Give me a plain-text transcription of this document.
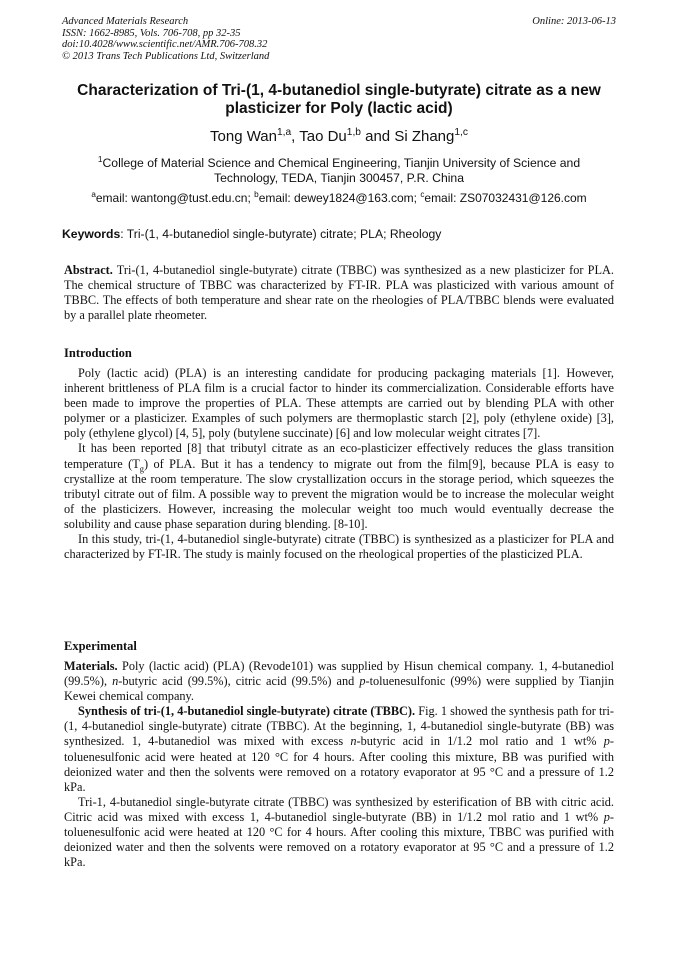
Advanced Materials Research
ISSN: 1662-8985, Vols. 706-708, pp 32-35
doi:10.4028/www.scientific.net/AMR.706-708.32
© 2013 Trans Tech Publications Ltd, Switzerland
Online: 2013-06-13
Characterization of Tri-(1, 4-butanediol single-butyrate) citrate as a new plasticizer for Poly (lactic acid)
Tong Wan$^{1,a}$, Tao Du$^{1,b}$ and Si Zhang$^{1,c}$
$^1$College of Material Science and Chemical Engineering, Tianjin University of Science and Technology, TEDA, Tianjin 300457, P.R. China
$^a$email: wantong@tust.edu.cn; $^b$email: dewey1824@163.com; $^c$email: ZS07032431@126.com
Keywords: Tri-(1, 4-butanediol single-butyrate) citrate; PLA; Rheology

Abstract. Tri-(1, 4-butanediol single-butyrate) citrate (TBBC) was synthesized as a new plasticizer for PLA. The chemical structure of TBBC was characterized by FT-IR. PLA was plasticized with various amount of TBBC. The effects of both temperature and shear rate on the rheologies of PLA/TBBC blends were evaluated by a parallel plate rheometer.

Introduction

Poly (lactic acid) (PLA) is an interesting candidate for producing packaging materials [1]. However, inherent brittleness of PLA film is a crucial factor to hinder its commercialization. Considerable efforts have been made to improve the properties of PLA. These attempts are carried out by blending PLA with other polymer or a plasticizer. Examples of such polymers are thermoplastic starch [2], poly (ethylene oxide) [3], poly (ethylene glycol) [4, 5], poly (butylene succinate) [6] and low molecular weight citrates [7].

It has been reported [8] that tributyl citrate as an eco-plasticizer effectively reduces the glass transition temperature $(T_g)$ of PLA. But it has a tendency to migrate out from the film[9], because PLA is easy to crystallize at the room temperature. The slow crystallization occurs in the storage period, which squeezes the tributyl citrate out of film. A possible way to prevent the migration would be to increase the molecular weight of the plasticizers. However, increasing the molecular weight too much would eventually decrease the solubility and cause phase separation during blending. [8-10].

In this study, tri-(1, 4-butanediol single-butyrate) citrate (TBBC) is synthesized as a plasticizer for PLA and characterized by FT-IR. The study is mainly focused on the rheological properties of the plasticized PLA.

Experimental

Materials. Poly (lactic acid) (PLA) (Revode101) was supplied by Hisun chemical company. 1, 4-butanediol (99.5%), n-butyric acid (99.5%), citric acid (99.5%) and p-toluenesulfonic (99%) were supplied by Tianjin Kewei chemical company.

Synthesis of tri-(1, 4-butanediol single-butyrate) citrate (TBBC). Fig. 1 showed the synthesis path for tri-(1, 4-butanediol single-butyrate) citrate (TBBC). At the beginning, 1, 4-butanediol single-butyrate (BB) was synthesized. 1, 4-butanediol was mixed with excess n-butyric acid in 1/1.2 mol ratio and 1 wt% p-toluenesulfonic acid were heated at 120 °C for 4 hours. After cooling this mixture, BB was purified with deionized water and then the solvents were removed on a rotatory evaporator at 95 °C and a pressure of 1.2 kPa.

Tri-1, 4-butanediol single-butyrate citrate (TBBC) was synthesized by esterification of BB with citric acid. Citric acid was mixed with excess 1, 4-butanediol single-butyrate (BB) in 1/1.2 mol ratio and 1 wt% p-toluenesulfonic acid were heated at 120 °C for 4 hours. After cooling this mixture, TBBC was purified with deionized water and then the solvents were removed on a rotatory evaporator at 95 °C and a pressure of 1.2 kPa.
